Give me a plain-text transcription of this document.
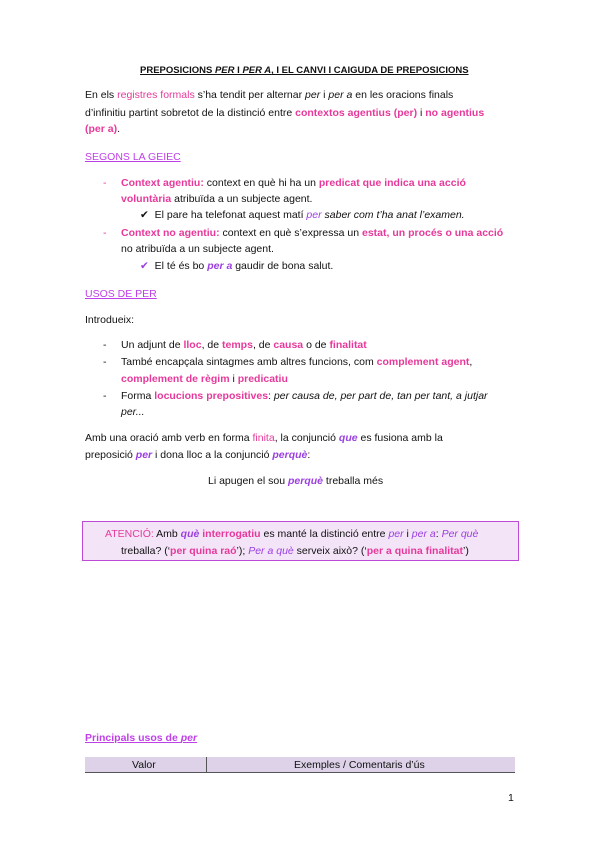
PREPOSICIONS PER I PER A, I EL CANVI I CAIGUDA DE PREPOSICIONS
En els registres formals s’ha tendit per alternar per i per a en les oracions finals
d’infinitiu partint sobretot de la distinció entre contextos agentius (per) i no agentius
(per a).
SEGONS LA GEIEC
- Context agentiu: context en què hi ha un predicat que indica una acció
voluntària atribuïda a un subjecte agent.
✔ El pare ha telefonat aquest matí per saber com t’ha anat l’examen.
- Context no agentiu: context en què s’expressa un estat, un procés o una acció
no atribuïda a un subjecte agent.
✔ El té és bo per a gaudir de bona salut.
USOS DE PER
Introdueix:
- Un adjunt de lloc, de temps, de causa o de finalitat
- També encapçala sintagmes amb altres funcions, com complement agent,
complement de règim i predicatiu
- Forma locucions prepositives: per causa de, per part de, tan per tant, a jutjar
per...
Amb una oració amb verb en forma finita, la conjunció que es fusiona amb la
preposició per i dona lloc a la conjunció perquè:
Li apugen el sou perquè treballa més
ATENCIÓ: Amb què interrogatiu es manté la distinció entre per i per a: Per què
treballa? (‘per quina raó’); Per a què serveix això? (‘per a quina finalitat’)
Principals usos de per
Valor	Exemples / Comentaris d’ús
1
